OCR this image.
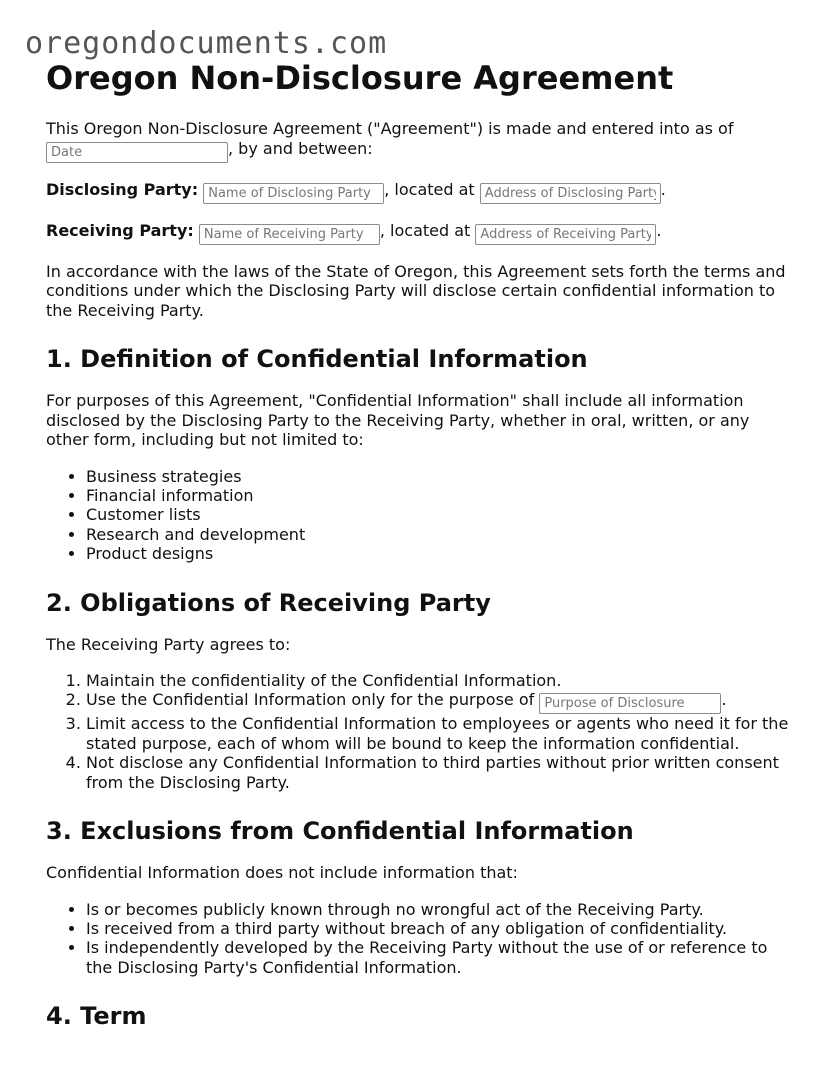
oregondocuments.com
Oregon Non-Disclosure Agreement

This Oregon Non-Disclosure Agreement ("Agreement") is made and entered into as of
Date, by and between:

Disclosing Party: Name of Disclosing Party	, located at Address of Disclosing Party	.

Receiving Party: Name of Receiving Party	, located at Address of Receiving Party	.

In accordance with the laws of the State of Oregon, this Agreement sets forth the terms and conditions under which the Disclosing Party will disclose certain confidential information to the Receiving Party.

1. Definition of Confidential Information

For purposes of this Agreement, "Confidential Information" shall include all information disclosed by the Disclosing Party to the Receiving Party, whether in oral, written, or any other form, including but not limited to:

• Business strategies
• Financial information
• Customer lists
• Research and development
• Product designs
2. Obligations of Receiving Party

The Receiving Party agrees to:

1. Maintain the confidentiality of the Confidential Information.
2. Use the Confidential Information only for the purpose of Purpose of Disclosure	.
3. Limit access to the Confidential Information to employees or agents who need it for the stated purpose, each of whom will be bound to keep the information confidential.
4. Not disclose any Confidential Information to third parties without prior written consent from the Disclosing Party.
3. Exclusions from Confidential Information

Confidential Information does not include information that:

• Is or becomes publicly known through no wrongful act of the Receiving Party.
• Is received from a third party without breach of any obligation of confidentiality.
• Is independently developed by the Receiving Party without the use of or reference to the Disclosing Party's Confidential Information.
4. Term
